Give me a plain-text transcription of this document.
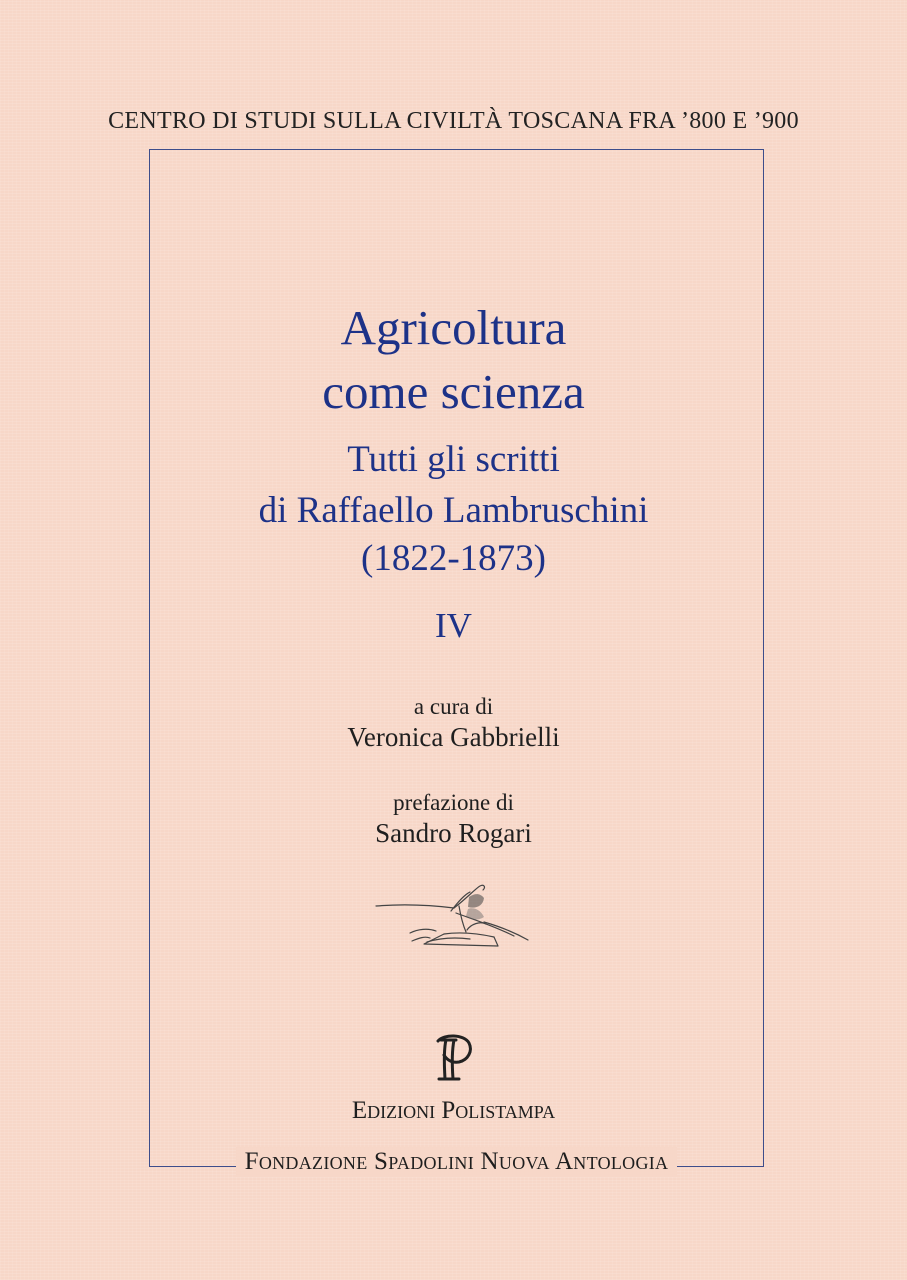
CENTRO DI STUDI SULLA CIVILTÀ TOSCANA FRA ’800 E ’900
Agricoltura
come scienza
Tutti gli scritti
di Raffaello Lambruschini
(1822-1873)
IV
a cura di
Veronica Gabbrielli
prefazione di
Sandro Rogari
Edizioni Polistampa
Fondazione Spadolini Nuova Antologia
